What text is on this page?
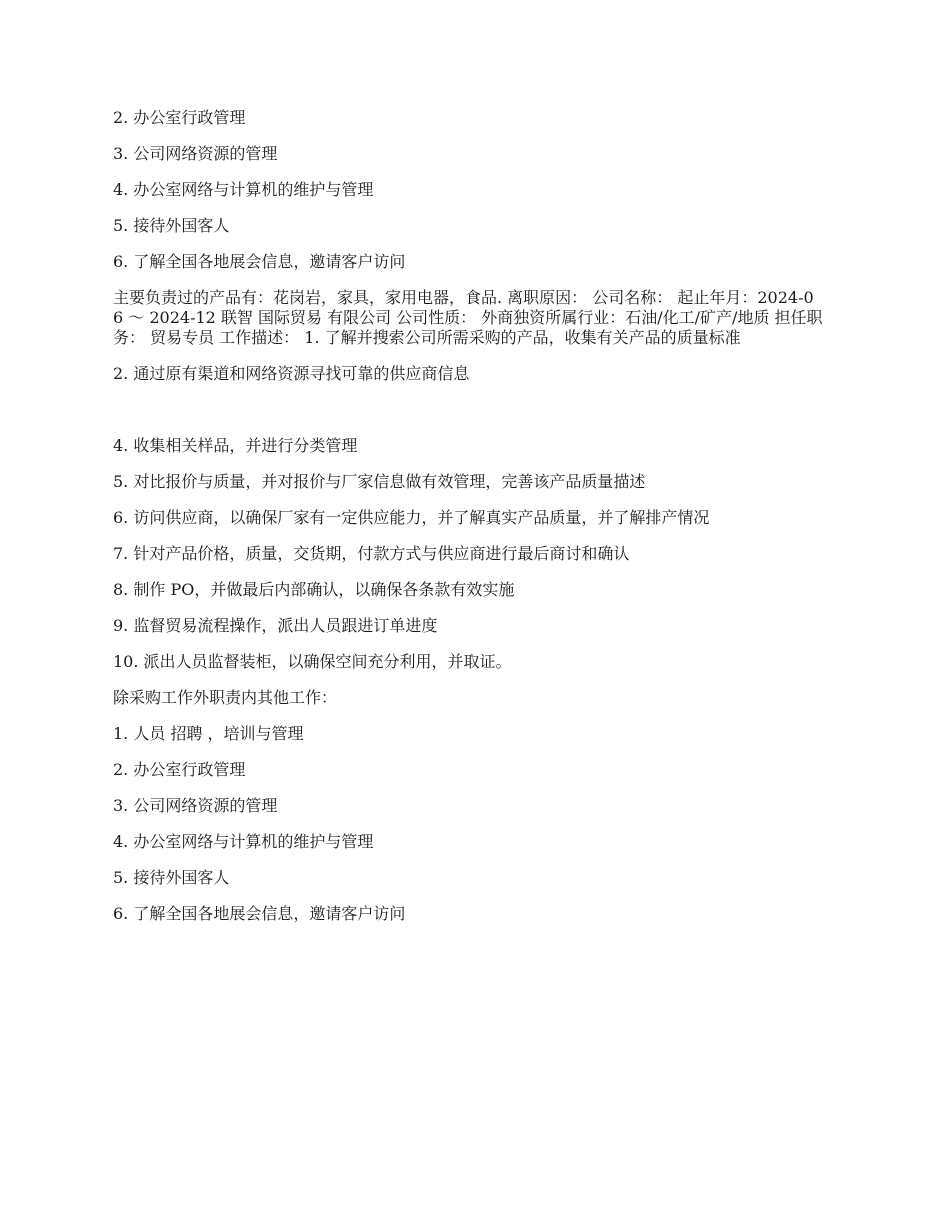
2. 办公室行政管理
3. 公司网络资源的管理
4. 办公室网络与计算机的维护与管理
5. 接待外国客人
6. 了解全国各地展会信息，邀请客户访问
主要负责过的产品有：花岗岩，家具，家用电器，食品. 离职原因： 公司名称： 起止年月：2024-06 ～ 2024-12 联智 国际贸易 有限公司 公司性质： 外商独资所属行业：石油/化工/矿产/地质 担任职务： 贸易专员 工作描述： 1. 了解并搜索公司所需采购的产品，收集有关产品的质量标准
2. 通过原有渠道和网络资源寻找可靠的供应商信息
4. 收集相关样品，并进行分类管理
5. 对比报价与质量，并对报价与厂家信息做有效管理，完善该产品质量描述
6. 访问供应商，以确保厂家有一定供应能力，并了解真实产品质量，并了解排产情况
7. 针对产品价格，质量，交货期，付款方式与供应商进行最后商讨和确认
8. 制作 PO，并做最后内部确认，以确保各条款有效实施
9. 监督贸易流程操作，派出人员跟进订单进度
10. 派出人员监督装柜，以确保空间充分利用，并取证。
除采购工作外职责内其他工作：
1. 人员 招聘 ，培训与管理
2. 办公室行政管理
3. 公司网络资源的管理
4. 办公室网络与计算机的维护与管理
5. 接待外国客人
6. 了解全国各地展会信息，邀请客户访问
